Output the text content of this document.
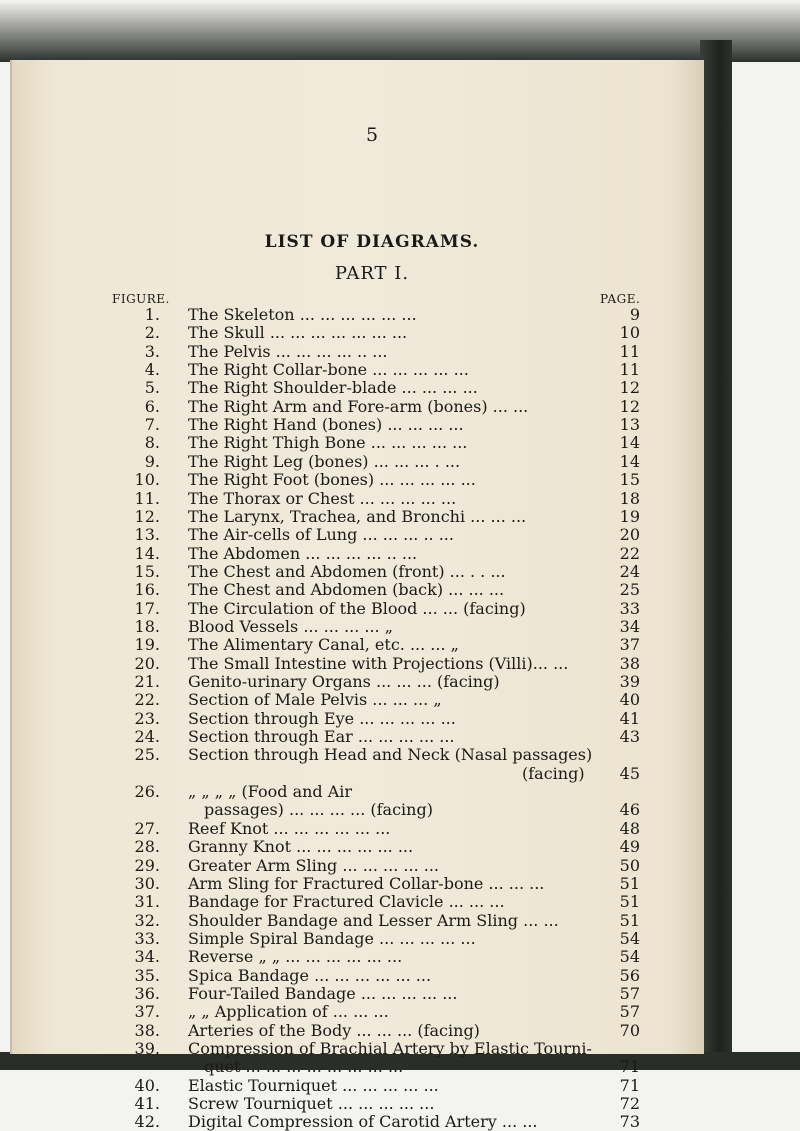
5
LIST OF DIAGRAMS.
PART I.
FIGURE.	PAGE.
1. The Skeleton ... ... ... ... ... ...	9
2. The Skull ... ... ... ... ... ... ...	10
3. The Pelvis ... ... ... ... .. ...	11
4. The Right Collar-bone ... ... ... ... ...	11
5. The Right Shoulder-blade ... ... ... ...	12
6. The Right Arm and Fore-arm (bones) ... ...	12
7. The Right Hand (bones) ... ... ... ...	13
8. The Right Thigh Bone ... ... ... ... ...	14
9. The Right Leg (bones) ... ... ... . ...	14
10. The Right Foot (bones) ... ... ... ... ...	15
11. The Thorax or Chest ... ... ... ... ...	18
12. The Larynx, Trachea, and Bronchi ... ... ...	19
13. The Air-cells of Lung ... ... ... .. ...	20
14. The Abdomen ... ... ... ... .. ...	22
15. The Chest and Abdomen (front) ... . . ...	24
16. The Chest and Abdomen (back) ... ... ...	25
17. The Circulation of the Blood ... ... (facing)	33
18. Blood Vessels ... ... ... ... „	34
19. The Alimentary Canal, etc. ... ... „	37
20. The Small Intestine with Projections (Villi)... ...	38
21. Genito-urinary Organs ... ... ... (facing)	39
22. Section of Male Pelvis ... ... ... „	40
23. Section through Eye ... ... ... ... ...	41
24. Section through Ear ... ... ... ... ...	43
25. Section through Head and Neck (Nasal passages)
(facing)	45
26. „ „ „ „ (Food and Air
passages) ... ... ... ... (facing)	46
27. Reef Knot ... ... ... ... ... ...	48
28. Granny Knot ... ... ... ... ... ...	49
29. Greater Arm Sling ... ... ... ... ...	50
30. Arm Sling for Fractured Collar-bone ... ... ...	51
31. Bandage for Fractured Clavicle ... ... ...	51
32. Shoulder Bandage and Lesser Arm Sling ... ...	51
33. Simple Spiral Bandage ... ... ... ... ...	54
34. Reverse „ „ ... ... ... ... ... ...	54
35. Spica Bandage ... ... ... ... ... ...	56
36. Four-Tailed Bandage ... ... ... ... ...	57
37. „ „ Application of ... ... ...	57
38. Arteries of the Body ... ... ... (facing)	70
39. Compression of Brachial Artery by Elastic Tourni-
quet ... ... ... ... ... ... ... ...	71
40. Elastic Tourniquet ... ... ... ... ...	71
41. Screw Tourniquet ... ... ... ... ...	72
42. Digital Compression of Carotid Artery ... ...	73
